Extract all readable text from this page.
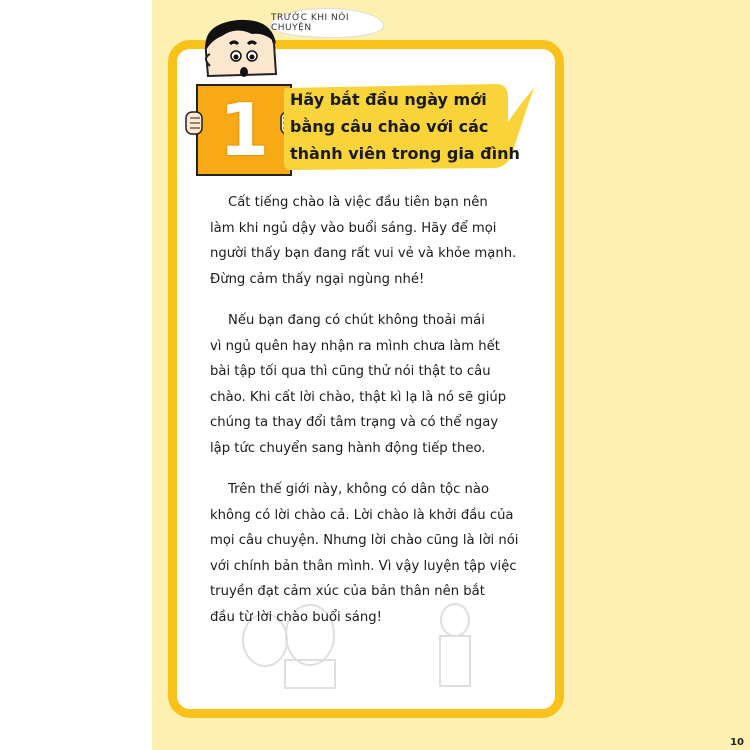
10
TRƯỚC KHI NÓI CHUYỆN
1	Hãy bắt đầu ngày mới
bằng câu chào với các
thành viên trong gia đình

Cất tiếng chào là việc đầu tiên bạn nên
làm khi ngủ dậy vào buổi sáng. Hãy để mọi
người thấy bạn đang rất vui vẻ và khỏe mạnh.
Đừng cảm thấy ngại ngùng nhé!

Nếu bạn đang có chút không thoải mái
vì ngủ quên hay nhận ra mình chưa làm hết
bài tập tối qua thì cũng thử nói thật to câu
chào. Khi cất lời chào, thật kì lạ là nó sẽ giúp
chúng ta thay đổi tâm trạng và có thể ngay
lập tức chuyển sang hành động tiếp theo.

Trên thế giới này, không có dân tộc nào
không có lời chào cả. Lời chào là khởi đầu của
mọi câu chuyện. Nhưng lời chào cũng là lời nói
với chính bản thân mình. Vì vậy luyện tập việc
truyền đạt cảm xúc của bản thân nên bắt
đầu từ lời chào buổi sáng!
